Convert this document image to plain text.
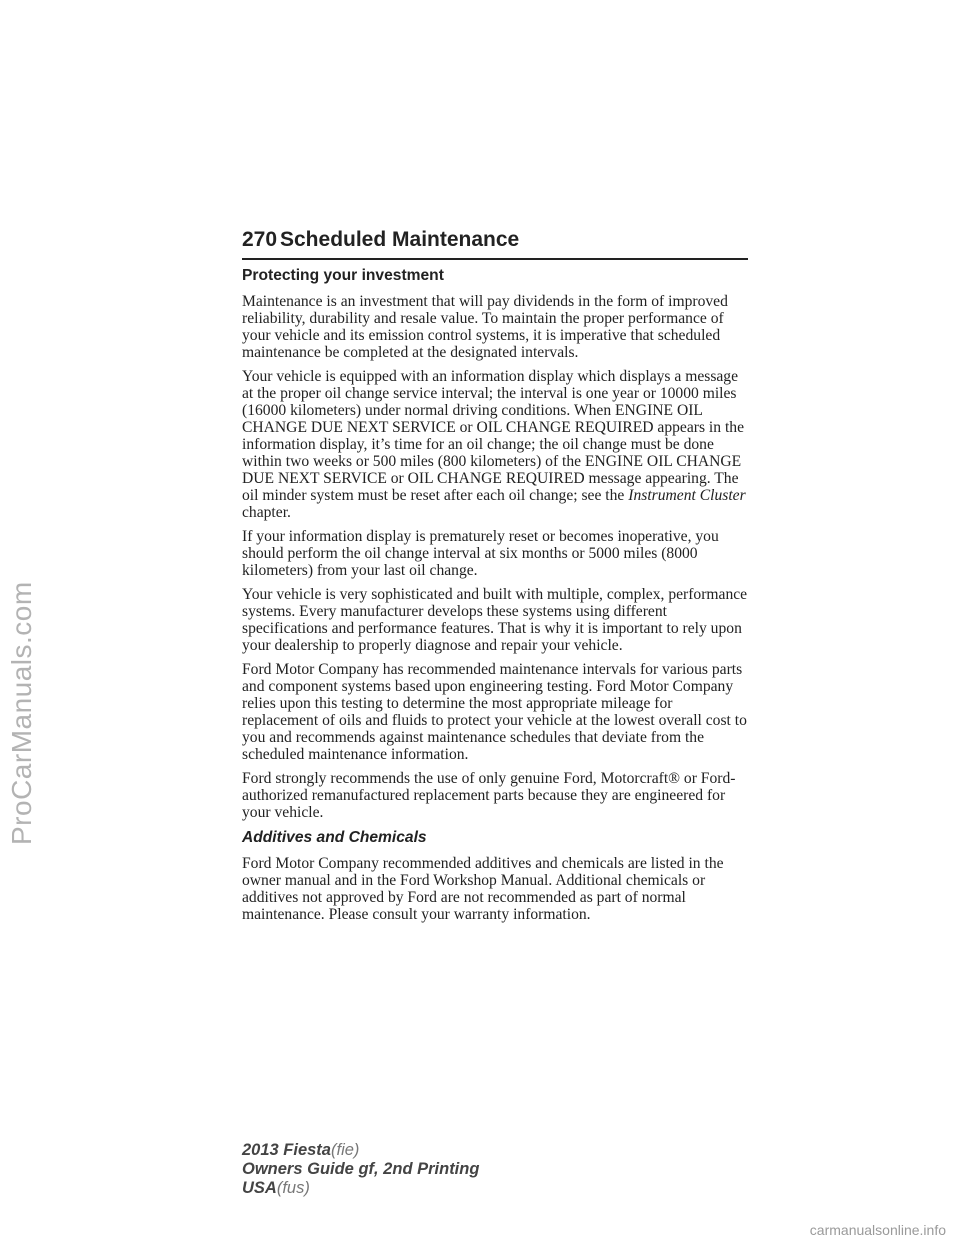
ProCarManuals.com
270 Scheduled Maintenance
Protecting your investment

Maintenance is an investment that will pay dividends in the form of improved reliability, durability and resale value. To maintain the proper performance of your vehicle and its emission control systems, it is imperative that scheduled maintenance be completed at the designated intervals.

Your vehicle is equipped with an information display which displays a message at the proper oil change service interval; the interval is one year or 10000 miles (16000 kilometers) under normal driving conditions. When ENGINE OIL CHANGE DUE NEXT SERVICE or OIL CHANGE REQUIRED appears in the information display, it’s time for an oil change; the oil change must be done within two weeks or 500 miles (800 kilometers) of the ENGINE OIL CHANGE DUE NEXT SERVICE or OIL CHANGE REQUIRED message appearing. The oil minder system must be reset after each oil change; see the Instrument Cluster chapter.

If your information display is prematurely reset or becomes inoperative, you should perform the oil change interval at six months or 5000 miles (8000 kilometers) from your last oil change.

Your vehicle is very sophisticated and built with multiple, complex, performance systems. Every manufacturer develops these systems using different specifications and performance features. That is why it is important to rely upon your dealership to properly diagnose and repair your vehicle.

Ford Motor Company has recommended maintenance intervals for various parts and component systems based upon engineering testing. Ford Motor Company relies upon this testing to determine the most appropriate mileage for replacement of oils and fluids to protect your vehicle at the lowest overall cost to you and recommends against maintenance schedules that deviate from the scheduled maintenance information.

Ford strongly recommends the use of only genuine Ford, Motorcraft® or Ford-authorized remanufactured replacement parts because they are engineered for your vehicle.

Additives and Chemicals

Ford Motor Company recommended additives and chemicals are listed in the owner manual and in the Ford Workshop Manual. Additional chemicals or additives not approved by Ford are not recommended as part of normal maintenance. Please consult your warranty information.

2013 Fiesta(fie)
Owners Guide gf, 2nd Printing
USA(fus)
carmanualsonline.info
